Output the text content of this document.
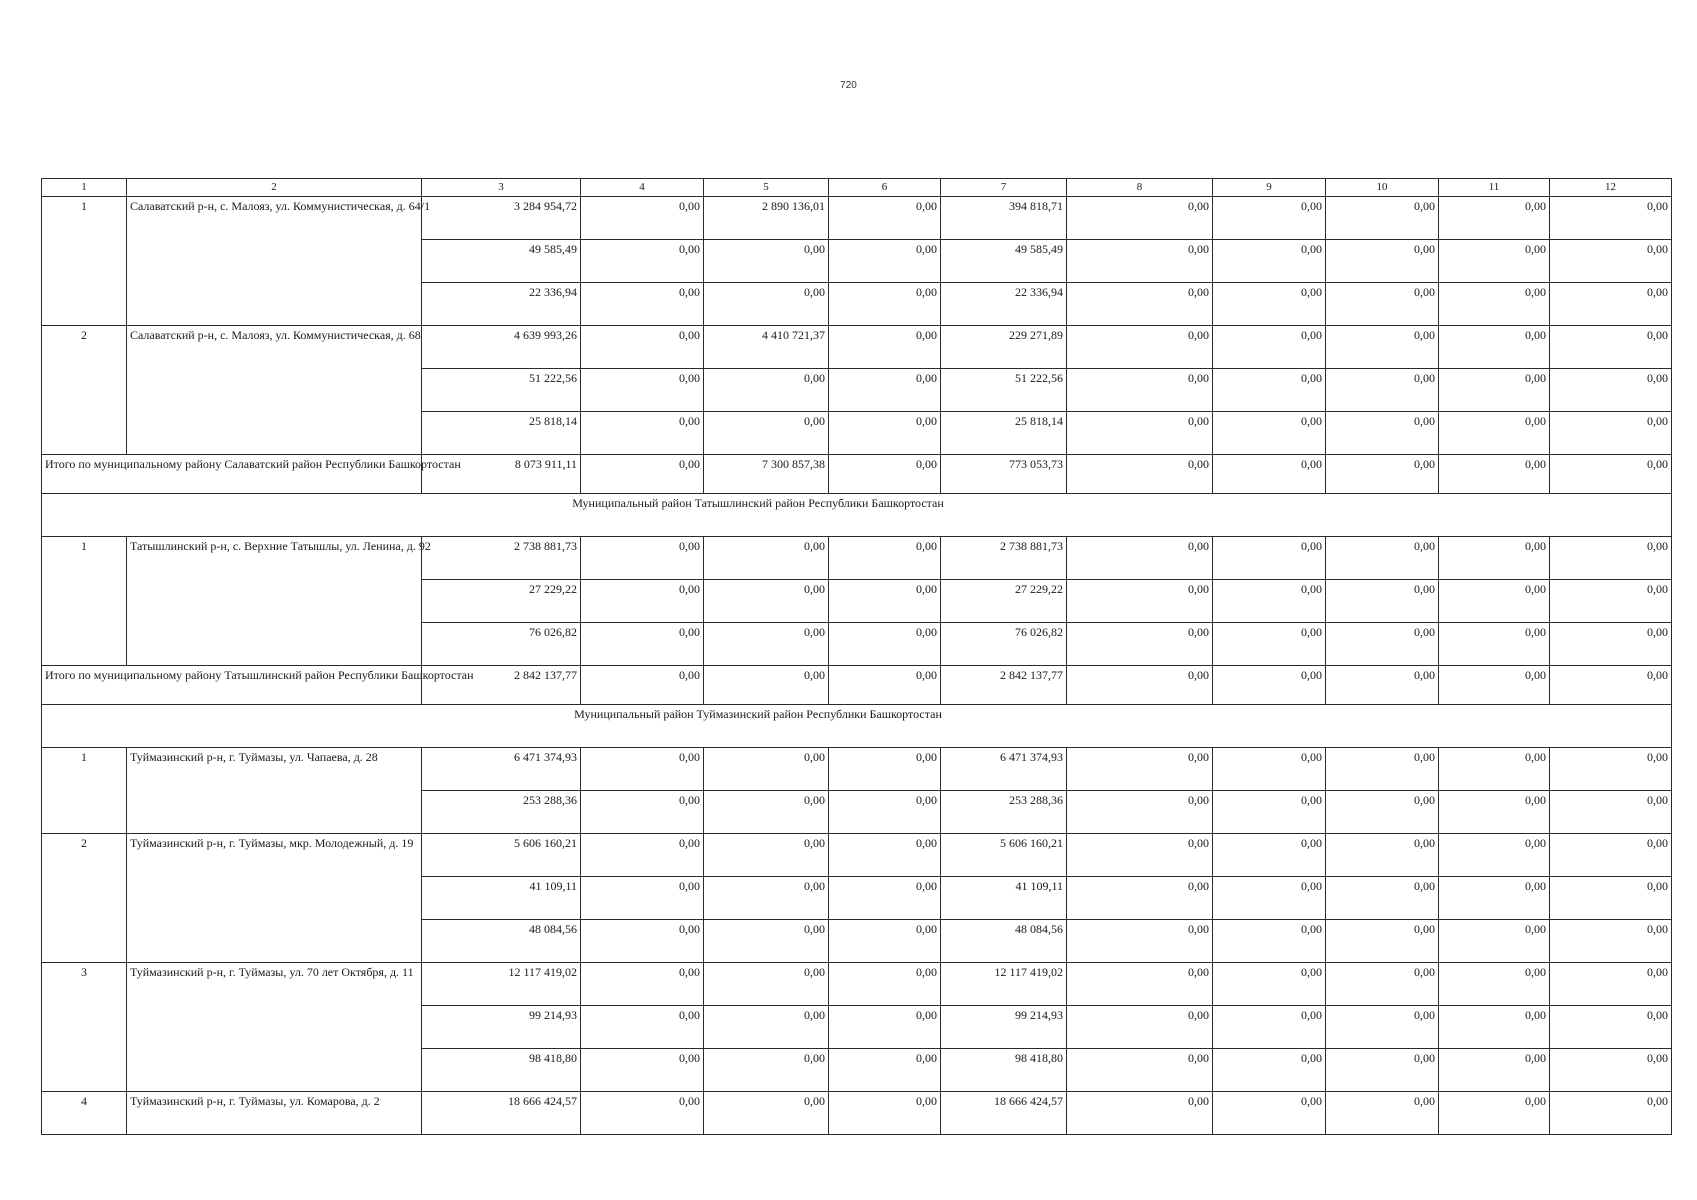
720
1	2	3	4	5	6	7	8	9	10	11	12
1	Салаватский р-н, с. Малояз, ул. Коммунистическая, д. 64/1	3 284 954,72	0,00	2 890 136,01	0,00	394 818,71	0,00	0,00	0,00	0,00	0,00
		49 585,49	0,00	0,00	0,00	49 585,49	0,00	0,00	0,00	0,00	0,00
		22 336,94	0,00	0,00	0,00	22 336,94	0,00	0,00	0,00	0,00	0,00
2	Салаватский р-н, с. Малояз, ул. Коммунистическая, д. 68	4 639 993,26	0,00	4 410 721,37	0,00	229 271,89	0,00	0,00	0,00	0,00	0,00
		51 222,56	0,00	0,00	0,00	51 222,56	0,00	0,00	0,00	0,00	0,00
		25 818,14	0,00	0,00	0,00	25 818,14	0,00	0,00	0,00	0,00	0,00
Итого по муниципальному району Салаватский район Республики Башкортостан		8 073 911,11	0,00	7 300 857,38	0,00	773 053,73	0,00	0,00	0,00	0,00	0,00
Муниципальный район Татышлинский район Республики Башкортостан											
1	Татышлинский р-н, с. Верхние Татышлы, ул. Ленина, д. 92	2 738 881,73	0,00	0,00	0,00	2 738 881,73	0,00	0,00	0,00	0,00	0,00
		27 229,22	0,00	0,00	0,00	27 229,22	0,00	0,00	0,00	0,00	0,00
		76 026,82	0,00	0,00	0,00	76 026,82	0,00	0,00	0,00	0,00	0,00
Итого по муниципальному району Татышлинский район Республики Башкортостан		2 842 137,77	0,00	0,00	0,00	2 842 137,77	0,00	0,00	0,00	0,00	0,00
Муниципальный район Туймазинский район Республики Башкортостан											
1	Туймазинский р-н, г. Туймазы, ул. Чапаева, д. 28	6 471 374,93	0,00	0,00	0,00	6 471 374,93	0,00	0,00	0,00	0,00	0,00
		253 288,36	0,00	0,00	0,00	253 288,36	0,00	0,00	0,00	0,00	0,00
2	Туймазинский р-н, г. Туймазы, мкр. Молодежный, д. 19	5 606 160,21	0,00	0,00	0,00	5 606 160,21	0,00	0,00	0,00	0,00	0,00
		41 109,11	0,00	0,00	0,00	41 109,11	0,00	0,00	0,00	0,00	0,00
		48 084,56	0,00	0,00	0,00	48 084,56	0,00	0,00	0,00	0,00	0,00
3	Туймазинский р-н, г. Туймазы, ул. 70 лет Октября, д. 11	12 117 419,02	0,00	0,00	0,00	12 117 419,02	0,00	0,00	0,00	0,00	0,00
		99 214,93	0,00	0,00	0,00	99 214,93	0,00	0,00	0,00	0,00	0,00
		98 418,80	0,00	0,00	0,00	98 418,80	0,00	0,00	0,00	0,00	0,00
4	Туймазинский р-н, г. Туймазы, ул. Комарова, д. 2	18 666 424,57	0,00	0,00	0,00	18 666 424,57	0,00	0,00	0,00	0,00	0,00
